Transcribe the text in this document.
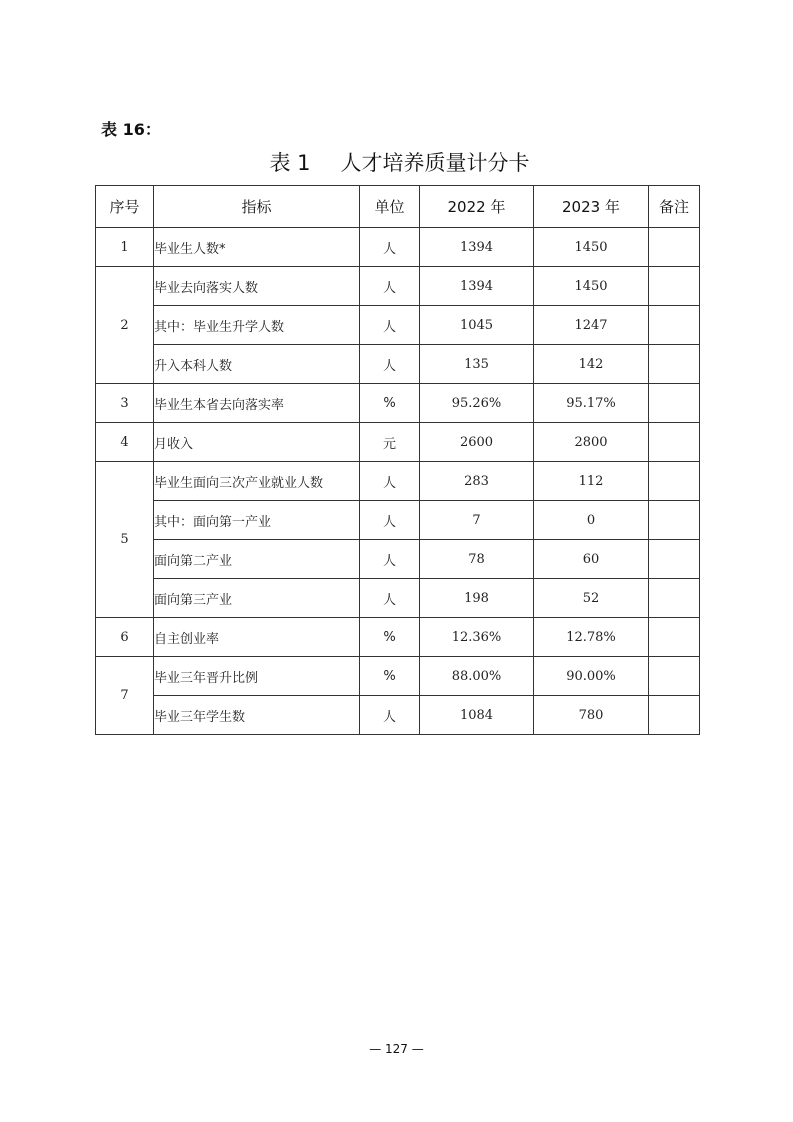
表 16：
表 1 人才培养质量计分卡
序号	指标	单位	2022 年	2023 年	备注
1	毕业生人数*	人	1394	1450	
2	毕业去向落实人数	人	1394	1450	
	其中：毕业生升学人数	人	1045	1247	
	升入本科人数	人	135	142	
3	毕业生本省去向落实率	%	95.26%	95.17%	
4	月收入	元	2600	2800	
5	毕业生面向三次产业就业人数	人	283	112	
	其中：面向第一产业	人	7	0	
	面向第二产业	人	78	60	
	面向第三产业	人	198	52	
6	自主创业率	%	12.36%	12.78%	
7	毕业三年晋升比例	%	88.00%	90.00%	
	毕业三年学生数	人	1084	780	
— 127 —
